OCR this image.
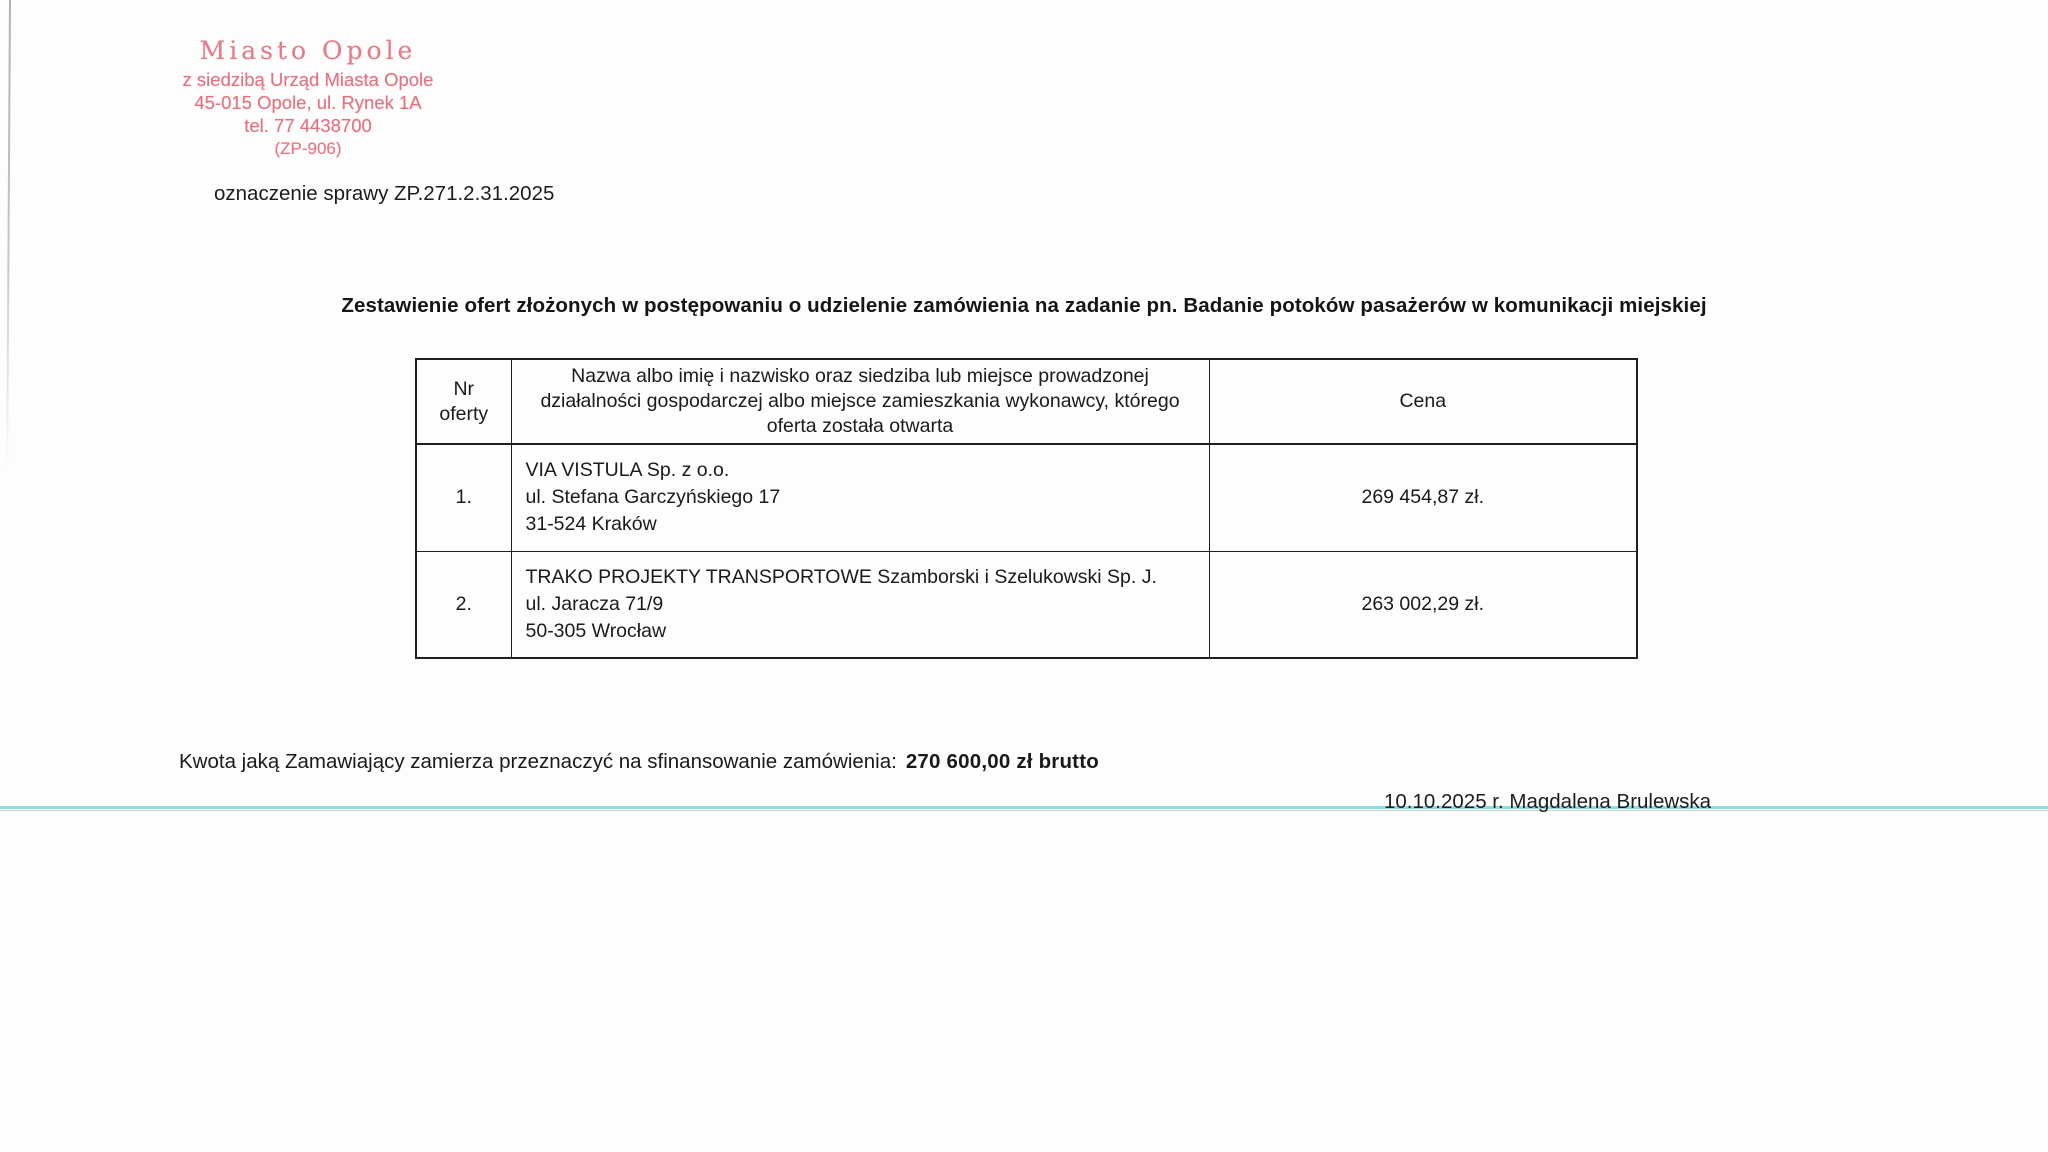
Miasto Opole
z siedzibą Urząd Miasta Opole
45-015 Opole, ul. Rynek 1A
tel. 77 4438700
(ZP-906)
oznaczenie sprawy ZP.271.2.31.2025
Zestawienie ofert złożonych w postępowaniu o udzielenie zamówienia na zadanie pn. Badanie potoków pasażerów w komunikacji miejskiej
Nr oferty	Nazwa albo imię i nazwisko oraz siedziba lub miejsce prowadzonej działalności gospodarczej albo miejsce zamieszkania wykonawcy, którego oferta została otwarta	Cena
1.	VIA VISTULA Sp. z o.o.
ul. Stefana Garczyńskiego 17
31-524 Kraków	269 454,87 zł.
2.	TRAKO PROJEKTY TRANSPORTOWE Szamborski i Szelukowski Sp. J.
ul. Jaracza 71/9
50-305 Wrocław	263 002,29 zł.
Kwota jaką Zamawiający zamierza przeznaczyć na sfinansowanie zamówienia: 270 600,00 zł brutto
10.10.2025 r. Magdalena Brulewska
